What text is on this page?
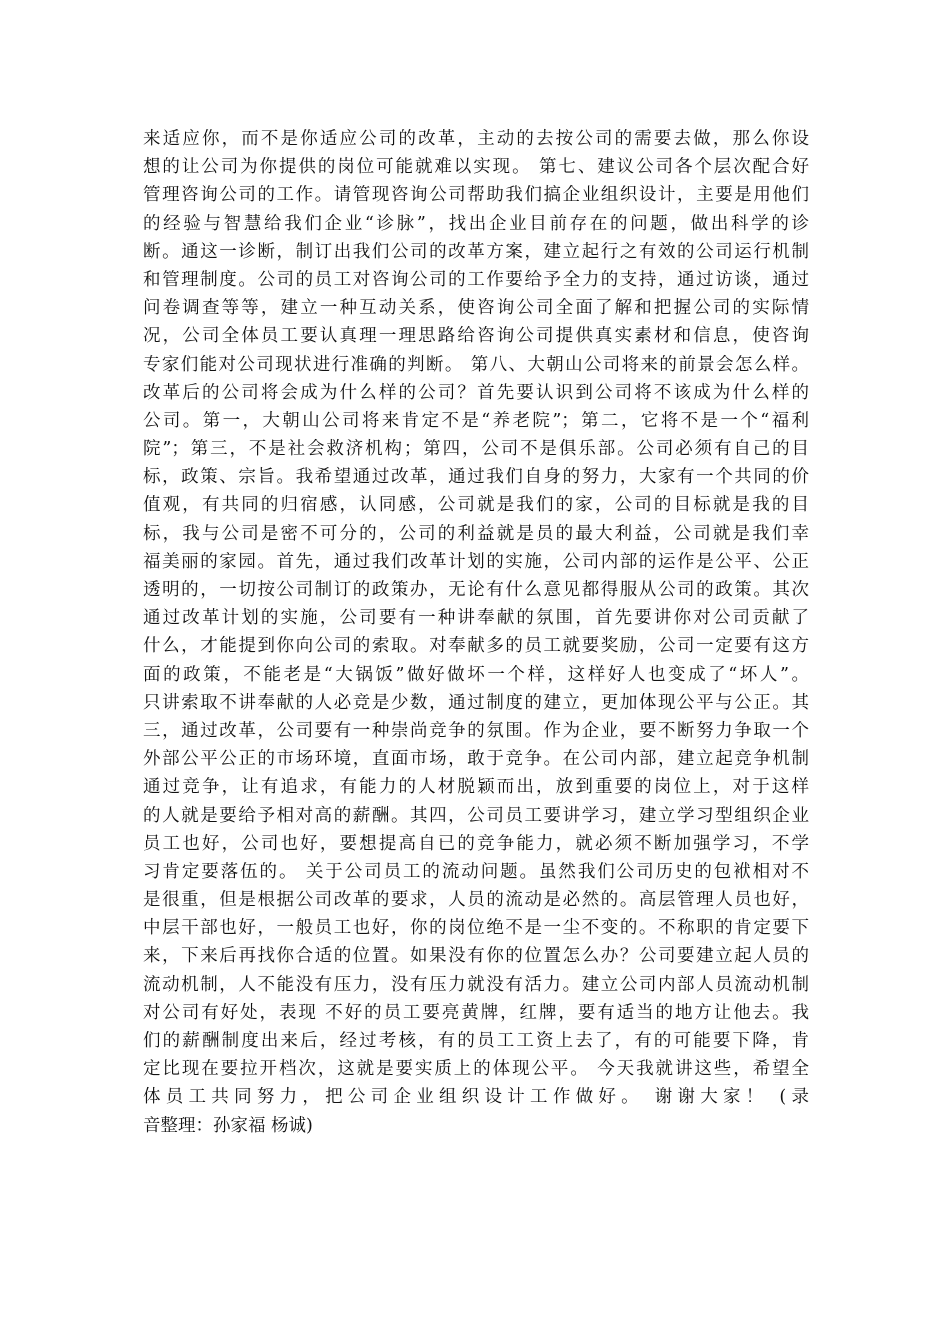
来适应你，而不是你适应公司的改革，主动的去按公司的需要去做，那么你设
想的让公司为你提供的岗位可能就难以实现。 第七、建议公司各个层次配合好
管理咨询公司的工作。请管现咨询公司帮助我们搞企业组织设计，主要是用他们
的经验与智慧给我们企业“诊脉”，找出企业目前存在的问题，做出科学的诊
断。通这一诊断，制订出我们公司的改革方案，建立起行之有效的公司运行机制
和管理制度。公司的员工对咨询公司的工作要给予全力的支持，通过访谈，通过
问卷调查等等，建立一种互动关系，使咨询公司全面了解和把握公司的实际情
况，公司全体员工要认真理一理思路给咨询公司提供真实素材和信息，使咨询
专家们能对公司现状进行准确的判断。 第八、大朝山公司将来的前景会怎么样。
改革后的公司将会成为什么样的公司？首先要认识到公司将不该成为什么样的
公司。第一，大朝山公司将来肯定不是“养老院”；第二，它将不是一个“福利
院”；第三，不是社会救济机构；第四，公司不是俱乐部。公司必须有自己的目
标，政策、宗旨。我希望通过改革，通过我们自身的努力，大家有一个共同的价
值观，有共同的归宿感，认同感，公司就是我们的家，公司的目标就是我的目
标，我与公司是密不可分的，公司的利益就是员的最大利益，公司就是我们幸
福美丽的家园。首先，通过我们改革计划的实施，公司内部的运作是公平、公正
透明的，一切按公司制订的政策办，无论有什么意见都得服从公司的政策。其次
通过改革计划的实施，公司要有一种讲奉献的氛围，首先要讲你对公司贡献了
什么，才能提到你向公司的索取。对奉献多的员工就要奖励，公司一定要有这方
面的政策，不能老是“大锅饭”做好做坏一个样，这样好人也变成了“坏人”。
只讲索取不讲奉献的人必竞是少数，通过制度的建立，更加体现公平与公正。其
三，通过改革，公司要有一种崇尚竞争的氛围。作为企业，要不断努力争取一个
外部公平公正的市场环境，直面市场，敢于竞争。在公司内部，建立起竞争机制
通过竞争，让有追求，有能力的人材脱颖而出，放到重要的岗位上，对于这样
的人就是要给予相对高的薪酬。其四，公司员工要讲学习，建立学习型组织企业
员工也好，公司也好，要想提高自已的竞争能力，就必须不断加强学习，不学
习肯定要落伍的。 关于公司员工的流动问题。虽然我们公司历史的包袱相对不
是很重，但是根据公司改革的要求，人员的流动是必然的。高层管理人员也好，
中层干部也好，一般员工也好，你的岗位绝不是一尘不变的。不称职的肯定要下
来，下来后再找你合适的位置。如果没有你的位置怎么办？公司要建立起人员的
流动机制，人不能没有压力，没有压力就没有活力。建立公司内部人员流动机制
对公司有好处，表现 不好的员工要亮黄牌，红牌，要有适当的地方让他去。我
们的薪酬制度出来后，经过考核，有的员工工资上去了，有的可能要下降，肯
定比现在要拉开档次，这就是要实质上的体现公平。 今天我就讲这些，希望全
体员工共同努力，把公司企业组织设计工作做好。 谢谢大家！ (录
音整理：孙家福 杨诚)
